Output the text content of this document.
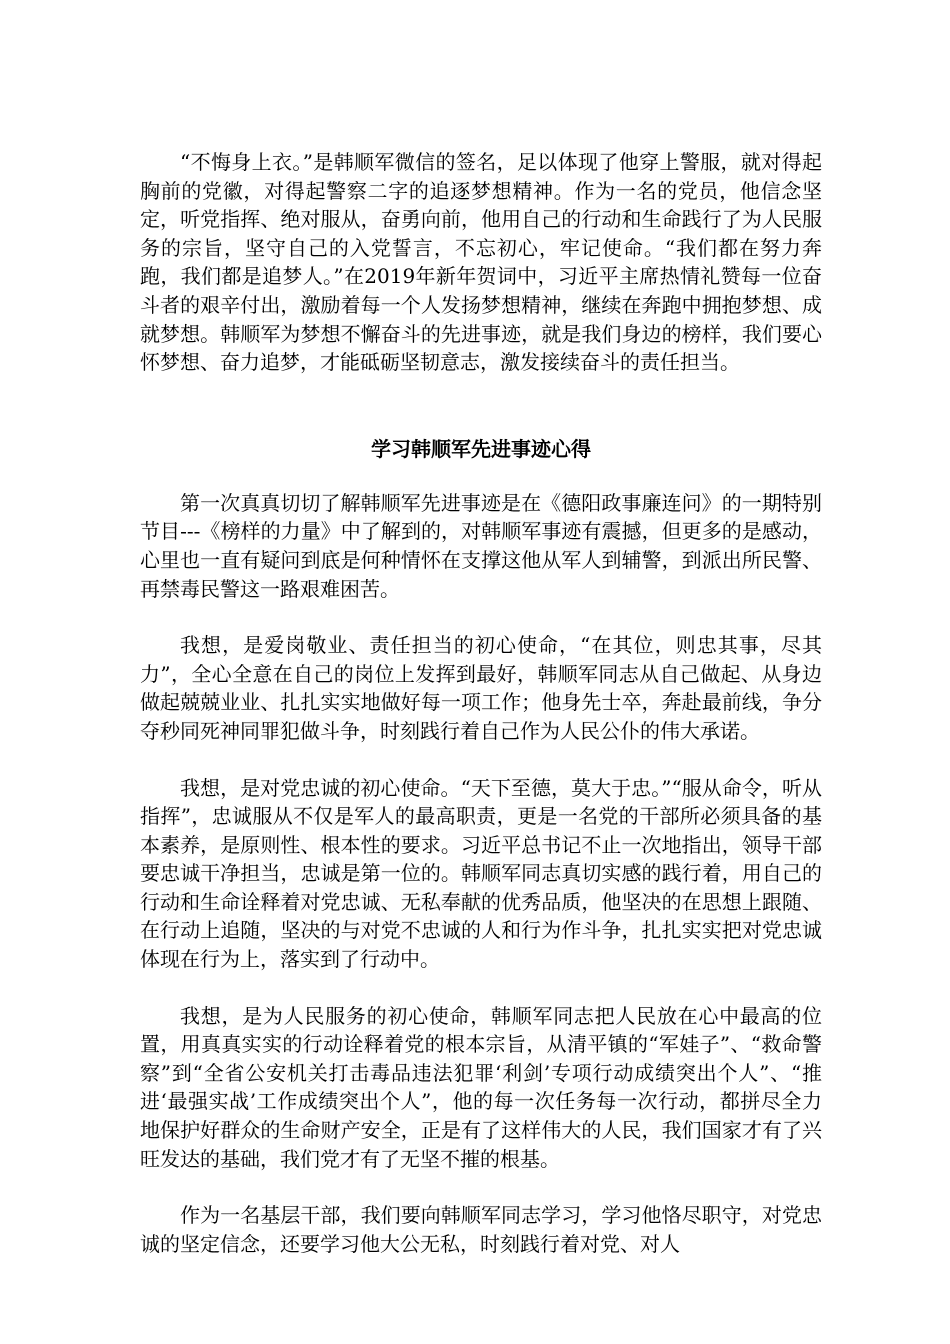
“不悔身上衣。”是韩顺军微信的签名，足以体现了他穿上警服，就对得起胸前的党徽，对得起警察二字的追逐梦想精神。作为一名的党员，他信念坚定，听党指挥、绝对服从，奋勇向前，他用自己的行动和生命践行了为人民服务的宗旨，坚守自己的入党誓言，不忘初心，牢记使命。“我们都在努力奔跑，我们都是追梦人。”在2019年新年贺词中，习近平主席热情礼赞每一位奋斗者的艰辛付出，激励着每一个人发扬梦想精神，继续在奔跑中拥抱梦想、成就梦想。韩顺军为梦想不懈奋斗的先进事迹，就是我们身边的榜样，我们要心怀梦想、奋力追梦，才能砥砺坚韧意志，激发接续奋斗的责任担当。

学习韩顺军先进事迹心得

第一次真真切切了解韩顺军先进事迹是在《德阳政事廉连问》的一期特别节目---《榜样的力量》中了解到的，对韩顺军事迹有震撼，但更多的是感动，心里也一直有疑问到底是何种情怀在支撑这他从军人到辅警，到派出所民警、再禁毒民警这一路艰难困苦。

我想，是爱岗敬业、责任担当的初心使命，“在其位，则忠其事，尽其力”，全心全意在自己的岗位上发挥到最好，韩顺军同志从自己做起、从身边做起兢兢业业、扎扎实实地做好每一项工作；他身先士卒，奔赴最前线，争分夺秒同死神同罪犯做斗争，时刻践行着自己作为人民公仆的伟大承诺。

我想，是对党忠诚的初心使命。“天下至德，莫大于忠。”“服从命令，听从指挥”，忠诚服从不仅是军人的最高职责，更是一名党的干部所必须具备的基本素养，是原则性、根本性的要求。习近平总书记不止一次地指出，领导干部要忠诚干净担当，忠诚是第一位的。韩顺军同志真切实感的践行着，用自己的行动和生命诠释着对党忠诚、无私奉献的优秀品质，他坚决的在思想上跟随、在行动上追随，坚决的与对党不忠诚的人和行为作斗争，扎扎实实把对党忠诚体现在行为上，落实到了行动中。

我想，是为人民服务的初心使命，韩顺军同志把人民放在心中最高的位置，用真真实实的行动诠释着党的根本宗旨，从清平镇的“军娃子”、“救命警察”到“全省公安机关打击毒品违法犯罪‘利剑’专项行动成绩突出个人”、“推进‘最强实战’工作成绩突出个人”，他的每一次任务每一次行动，都拼尽全力地保护好群众的生命财产安全，正是有了这样伟大的人民，我们国家才有了兴旺发达的基础，我们党才有了无坚不摧的根基。

作为一名基层干部，我们要向韩顺军同志学习，学习他恪尽职守，对党忠诚的坚定信念，还要学习他大公无私，时刻践行着对党、对人
